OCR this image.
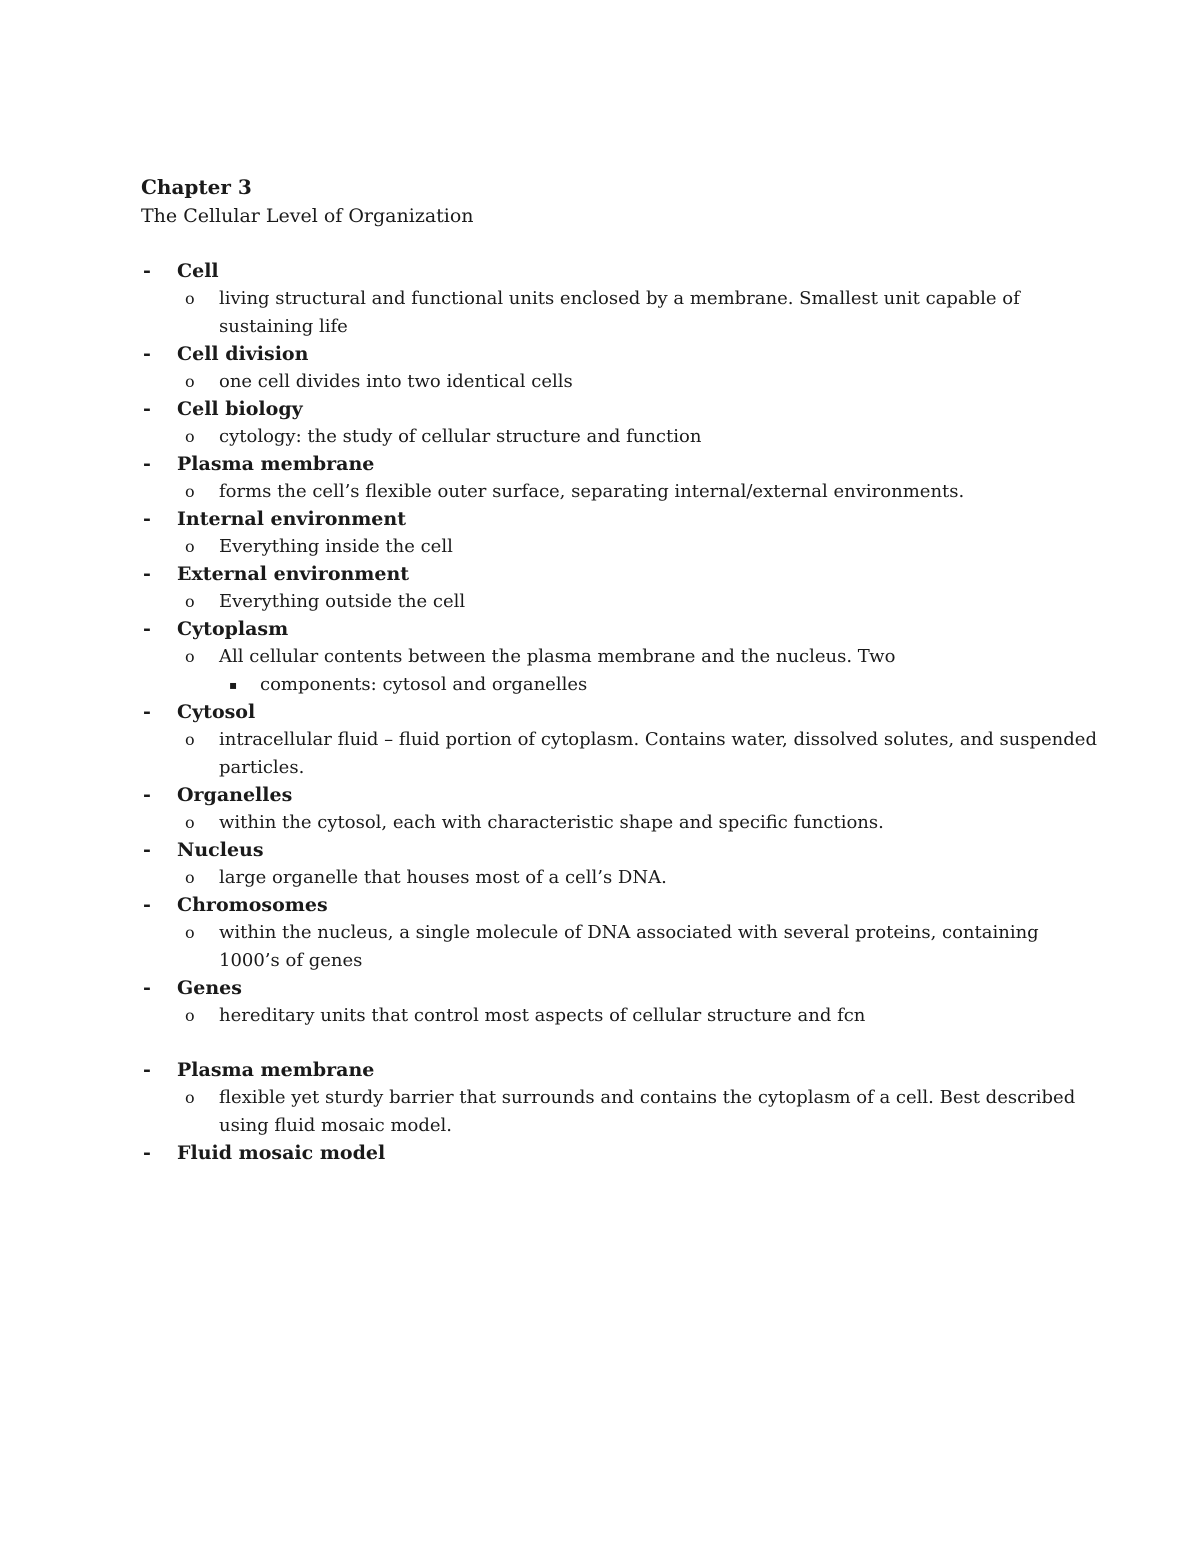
Chapter 3
The Cellular Level of Organization
- Cell
o living structural and functional units enclosed by a membrane. Smallest unit capable of sustaining life
- Cell division
o one cell divides into two identical cells
- Cell biology
o cytology: the study of cellular structure and function
- Plasma membrane
o forms the cell’s flexible outer surface, separating internal/external environments.
- Internal environment
o Everything inside the cell
- External environment
o Everything outside the cell
- Cytoplasm
o All cellular contents between the plasma membrane and the nucleus. Two
▪ components: cytosol and organelles
- Cytosol
o intracellular fluid – fluid portion of cytoplasm. Contains water, dissolved solutes, and suspended particles.
- Organelles
o within the cytosol, each with characteristic shape and specific functions.
- Nucleus
o large organelle that houses most of a cell’s DNA.
- Chromosomes
o within the nucleus, a single molecule of DNA associated with several proteins, containing 1000’s of genes
- Genes
o hereditary units that control most aspects of cellular structure and fcn
- Plasma membrane
o flexible yet sturdy barrier that surrounds and contains the cytoplasm of a cell. Best described using fluid mosaic model.
- Fluid mosaic model
